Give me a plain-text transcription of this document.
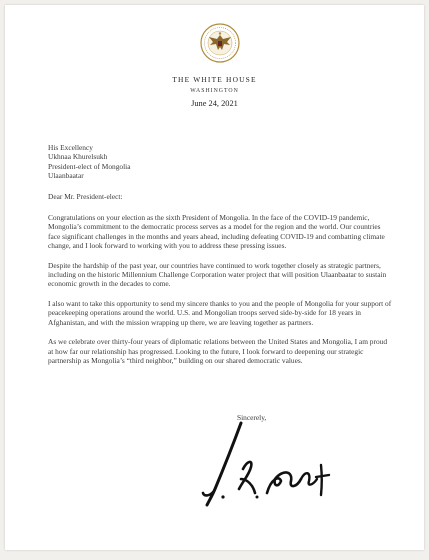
THE WHITE HOUSE
WASHINGTON
June 24, 2021
His Excellency
Ukhnaa Khurelsukh
President-elect of Mongolia
Ulaanbaatar
Dear Mr. President-elect:
Congratulations on your election as the sixth President of Mongolia. In the face of the COVID-19 pandemic, Mongolia’s commitment to the democratic process serves as a model for the region and the world. Our countries face significant challenges in the months and years ahead, including defeating COVID-19 and combatting climate change, and I look forward to working with you to address these pressing issues.
Despite the hardship of the past year, our countries have continued to work together closely as strategic partners, including on the historic Millennium Challenge Corporation water project that will position Ulaanbaatar to sustain economic growth in the decades to come.
I also want to take this opportunity to send my sincere thanks to you and the people of Mongolia for your support of peacekeeping operations around the world. U.S. and Mongolian troops served side-by-side for 18 years in Afghanistan, and with the mission wrapping up there, we are leaving together as partners.
As we celebrate over thirty-four years of diplomatic relations between the United States and Mongolia, I am proud at how far our relationship has progressed. Looking to the future, I look forward to deepening our strategic partnership as Mongolia’s “third neighbor,” building on our shared democratic values.
Sincerely,
